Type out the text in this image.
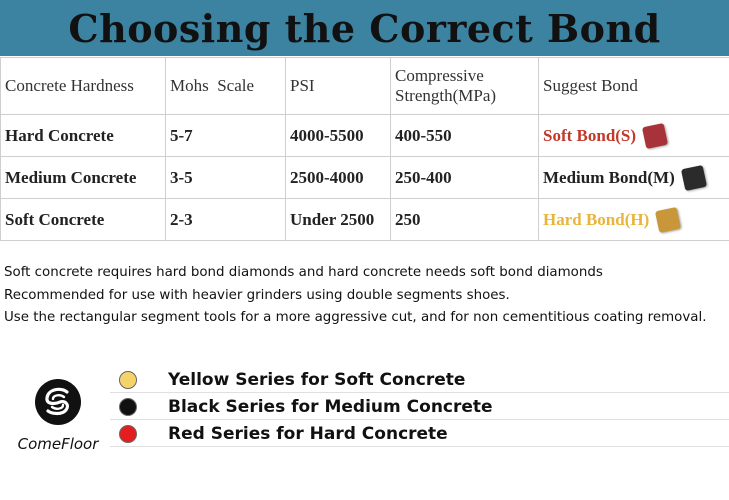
Choosing the Correct Bond
Concrete Hardness	Mohs  Scale	PSI	Compressive Strength(MPa)	Suggest Bond
Hard Concrete	5-7	4000-5500	400-550	Soft Bond(S)

Medium Concrete	3-5	2500-4000	250-400	Medium Bond(M)

Soft Concrete	2-3	Under 2500	250	Hard Bond(H)

Soft concrete requires hard bond diamonds and hard concrete needs soft bond diamonds

Recommended for use with heavier grinders using double segments shoes.

Use the rectangular segment tools for a more aggressive cut, and for non cementitious coating removal.

ComeFloor
Yellow Series for Soft Concrete
Black Series for Medium Concrete
Red Series for Hard Concrete
